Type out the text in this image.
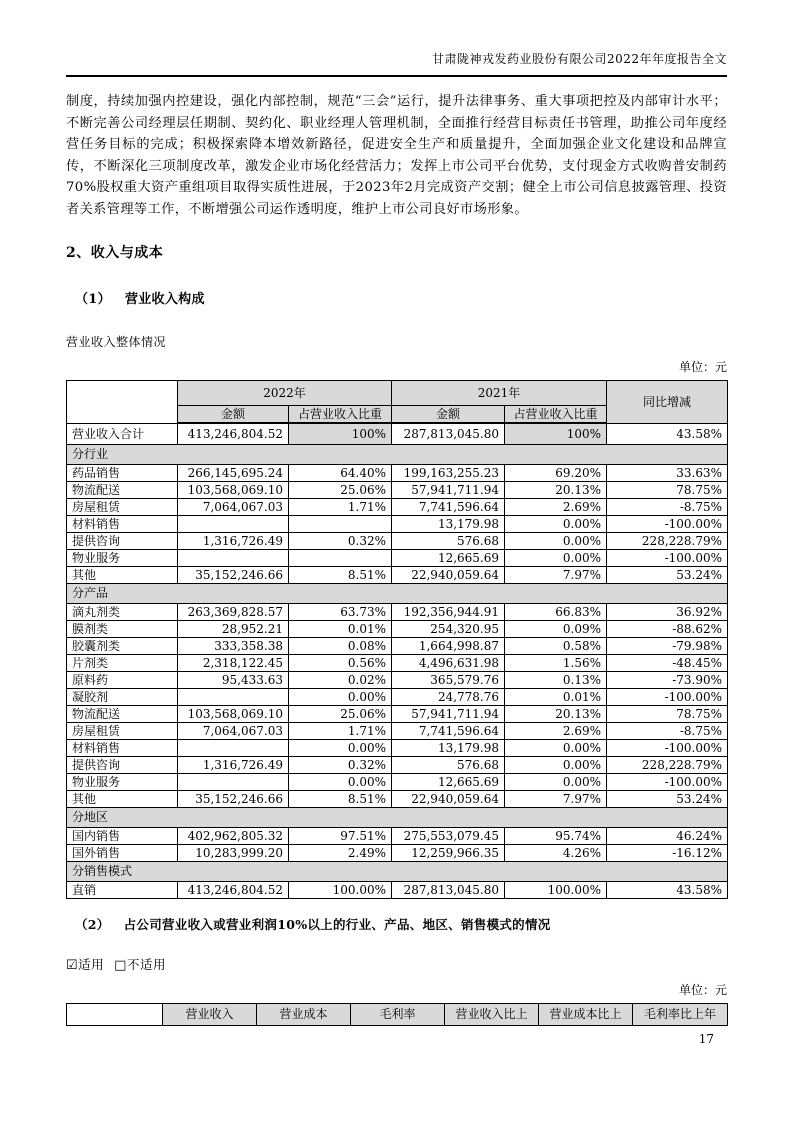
甘肃陇神戎发药业股份有限公司2022年年度报告全文
制度，持续加强内控建设，强化内部控制，规范“三会”运行，提升法律事务、重大事项把控及内部审计水平；不断完善公司经理层任期制、契约化、职业经理人管理机制，全面推行经营目标责任书管理，助推公司年度经营任务目标的完成；积极探索降本增效新路径，促进安全生产和质量提升，全面加强企业文化建设和品牌宣传，不断深化三项制度改革，激发企业市场化经营活力；发挥上市公司平台优势，支付现金方式收购普安制药70%股权重大资产重组项目取得实质性进展，于2023年2月完成资产交割；健全上市公司信息披露管理、投资者关系管理等工作，不断增强公司运作透明度，维护上市公司良好市场形象。
2、收入与成本
（1） 营业收入构成
营业收入整体情况
单位：元
	2022年		2021年		同比增减
	金额	占营业收入比重	金额	占营业收入比重	
营业收入合计	413,246,804.52	100%	287,813,045.80	100%	43.58%
分行业					
药品销售	266,145,695.24	64.40%	199,163,255.23	69.20%	33.63%
物流配送	103,568,069.10	25.06%	57,941,711.94	20.13%	78.75%
房屋租赁	7,064,067.03	1.71%	7,741,596.64	2.69%	-8.75%
材料销售			13,179.98	0.00%	-100.00%
提供咨询	1,316,726.49	0.32%	576.68	0.00%	228,228.79%
物业服务			12,665.69	0.00%	-100.00%
其他	35,152,246.66	8.51%	22,940,059.64	7.97%	53.24%
分产品					
滴丸剂类	263,369,828.57	63.73%	192,356,944.91	66.83%	36.92%
膜剂类	28,952.21	0.01%	254,320.95	0.09%	-88.62%
胶囊剂类	333,358.38	0.08%	1,664,998.87	0.58%	-79.98%
片剂类	2,318,122.45	0.56%	4,496,631.98	1.56%	-48.45%
原料药	95,433.63	0.02%	365,579.76	0.13%	-73.90%
凝胶剂		0.00%	24,778.76	0.01%	-100.00%
物流配送	103,568,069.10	25.06%	57,941,711.94	20.13%	78.75%
房屋租赁	7,064,067.03	1.71%	7,741,596.64	2.69%	-8.75%
材料销售		0.00%	13,179.98	0.00%	-100.00%
提供咨询	1,316,726.49	0.32%	576.68	0.00%	228,228.79%
物业服务		0.00%	12,665.69	0.00%	-100.00%
其他	35,152,246.66	8.51%	22,940,059.64	7.97%	53.24%
分地区					
国内销售	402,962,805.32	97.51%	275,553,079.45	95.74%	46.24%
国外销售	10,283,999.20	2.49%	12,259,966.35	4.26%	-16.12%
分销售模式					
直销	413,246,804.52	100.00%	287,813,045.80	100.00%	43.58%
（2） 占公司营业收入或营业利润10%以上的行业、产品、地区、销售模式的情况
☑适用 □不适用
单位：元
	营业收入	营业成本	毛利率	营业收入比上	营业成本比上	毛利率比上年
17
